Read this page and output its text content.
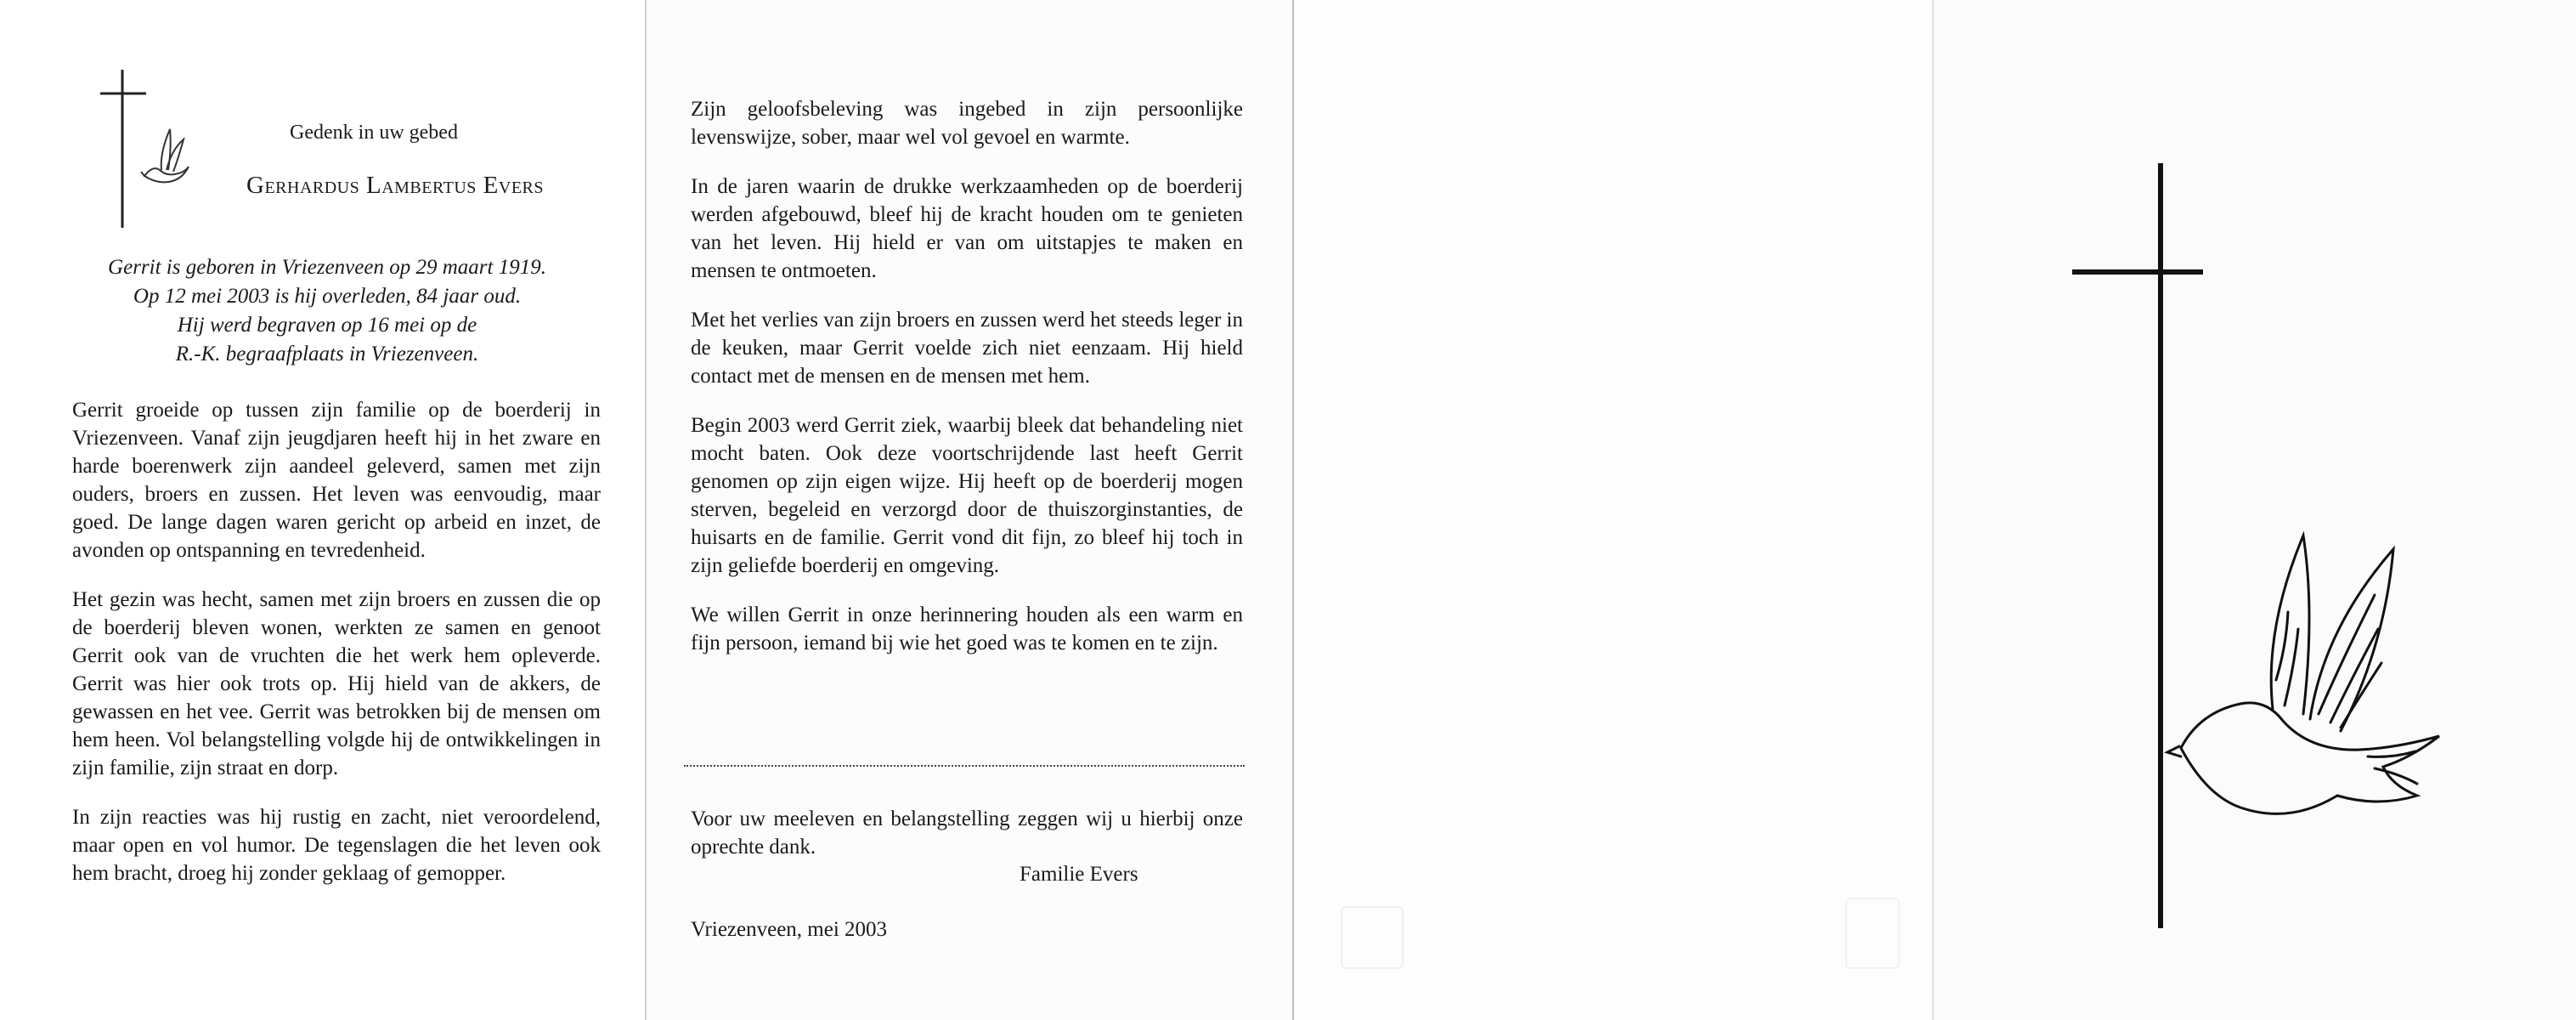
Gedenk in uw gebed
Gerhardus Lambertus Evers
Gerrit is geboren in Vriezenveen op 29 maart 1919.
Op 12 mei 2003 is hij overleden, 84 jaar oud.
Hij werd begraven op 16 mei op de
R.-K. begraafplaats in Vriezenveen.

Gerrit groeide op tussen zijn familie op de boerderij in Vriezenveen. Vanaf zijn jeugdjaren heeft hij in het zware en harde boerenwerk zijn aandeel geleverd, samen met zijn ouders, broers en zussen. Het leven was eenvoudig, maar goed. De lange dagen waren gericht op arbeid en inzet, de avonden op ontspanning en tevredenheid.

Het gezin was hecht, samen met zijn broers en zussen die op de boerderij bleven wonen, werkten ze samen en genoot Gerrit ook van de vruchten die het werk hem opleverde. Gerrit was hier ook trots op. Hij hield van de akkers, de gewassen en het vee. Gerrit was betrokken bij de mensen om hem heen. Vol belangstelling volgde hij de ontwikkelingen in zijn familie, zijn straat en dorp.

In zijn reacties was hij rustig en zacht, niet veroordelend, maar open en vol humor. De tegenslagen die het leven ook hem bracht, droeg hij zonder geklaag of gemopper.

Zijn geloofsbeleving was ingebed in zijn persoonlijke levenswijze, sober, maar wel vol gevoel en warmte.

In de jaren waarin de drukke werkzaamheden op de boerderij werden afgebouwd, bleef hij de kracht houden om te genieten van het leven. Hij hield er van om uitstapjes te maken en mensen te ontmoeten.

Met het verlies van zijn broers en zussen werd het steeds leger in de keuken, maar Gerrit voelde zich niet eenzaam. Hij hield contact met de mensen en de mensen met hem.

Begin 2003 werd Gerrit ziek, waarbij bleek dat behandeling niet mocht baten. Ook deze voortschrijdende last heeft Gerrit genomen op zijn eigen wijze. Hij heeft op de boerderij mogen sterven, begeleid en verzorgd door de thuiszorginstanties, de huisarts en de familie. Gerrit vond dit fijn, zo bleef hij toch in zijn geliefde boerderij en omgeving.

We willen Gerrit in onze herinnering houden als een warm en fijn persoon, iemand bij wie het goed was te komen en te zijn.

Voor uw meeleven en belangstelling zeggen wij u hierbij onze oprechte dank.
Familie Evers
Vriezenveen, mei 2003
